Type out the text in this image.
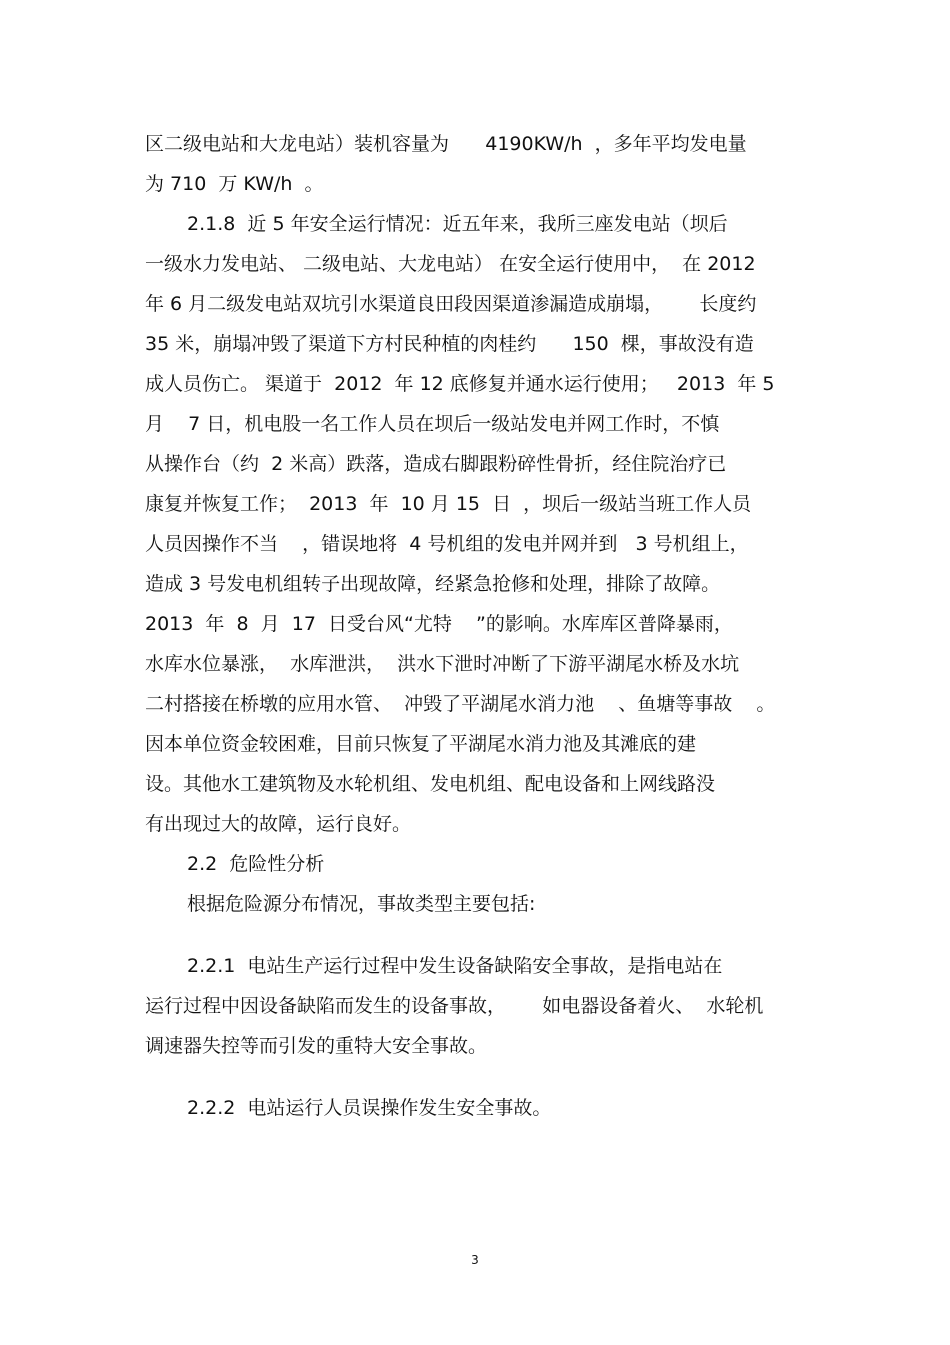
区二级电站和大龙电站）装机容量为      4190KW/h  ，多年平均发电量
为 710  万 KW/h  。
2.1.8  近 5 年安全运行情况：近五年来，我所三座发电站（坝后
一级水力发电站、 二级电站、大龙电站） 在安全运行使用中，  在 2012
年 6 月二级发电站双坑引水渠道良田段因渠道渗漏造成崩塌，      长度约
35 米，崩塌冲毁了渠道下方村民种植的肉桂约      150  棵，事故没有造
成人员伤亡。 渠道于  2012  年 12 底修复并通水运行使用；   2013  年 5
月    7 日，机电股一名工作人员在坝后一级站发电并网工作时，不慎
从操作台（约  2 米高）跌落，造成右脚跟粉碎性骨折，经住院治疗已
康复并恢复工作；  2013  年  10 月 15  日  ，坝后一级站当班工作人员
人员因操作不当    ，错误地将  4 号机组的发电并网并到   3 号机组上，
造成 3 号发电机组转子出现故障，经紧急抢修和处理，排除了故障。
2013  年  8  月  17  日受台风“尤特    ”的影响。水库库区普降暴雨，
水库水位暴涨，  水库泄洪，  洪水下泄时冲断了下游平湖尾水桥及水坑
二村搭接在桥墩的应用水管、  冲毁了平湖尾水消力池    、鱼塘等事故    。
因本单位资金较困难，目前只恢复了平湖尾水消力池及其滩底的建
设。其他水工建筑物及水轮机组、发电机组、配电设备和上网线路没
有出现过大的故障，运行良好。
2.2  危险性分析
根据危险源分布情况，事故类型主要包括:
2.2.1  电站生产运行过程中发生设备缺陷安全事故，是指电站在
运行过程中因设备缺陷而发生的设备事故，      如电器设备着火、  水轮机
调速器失控等而引发的重特大安全事故。
2.2.2  电站运行人员误操作发生安全事故。
3
